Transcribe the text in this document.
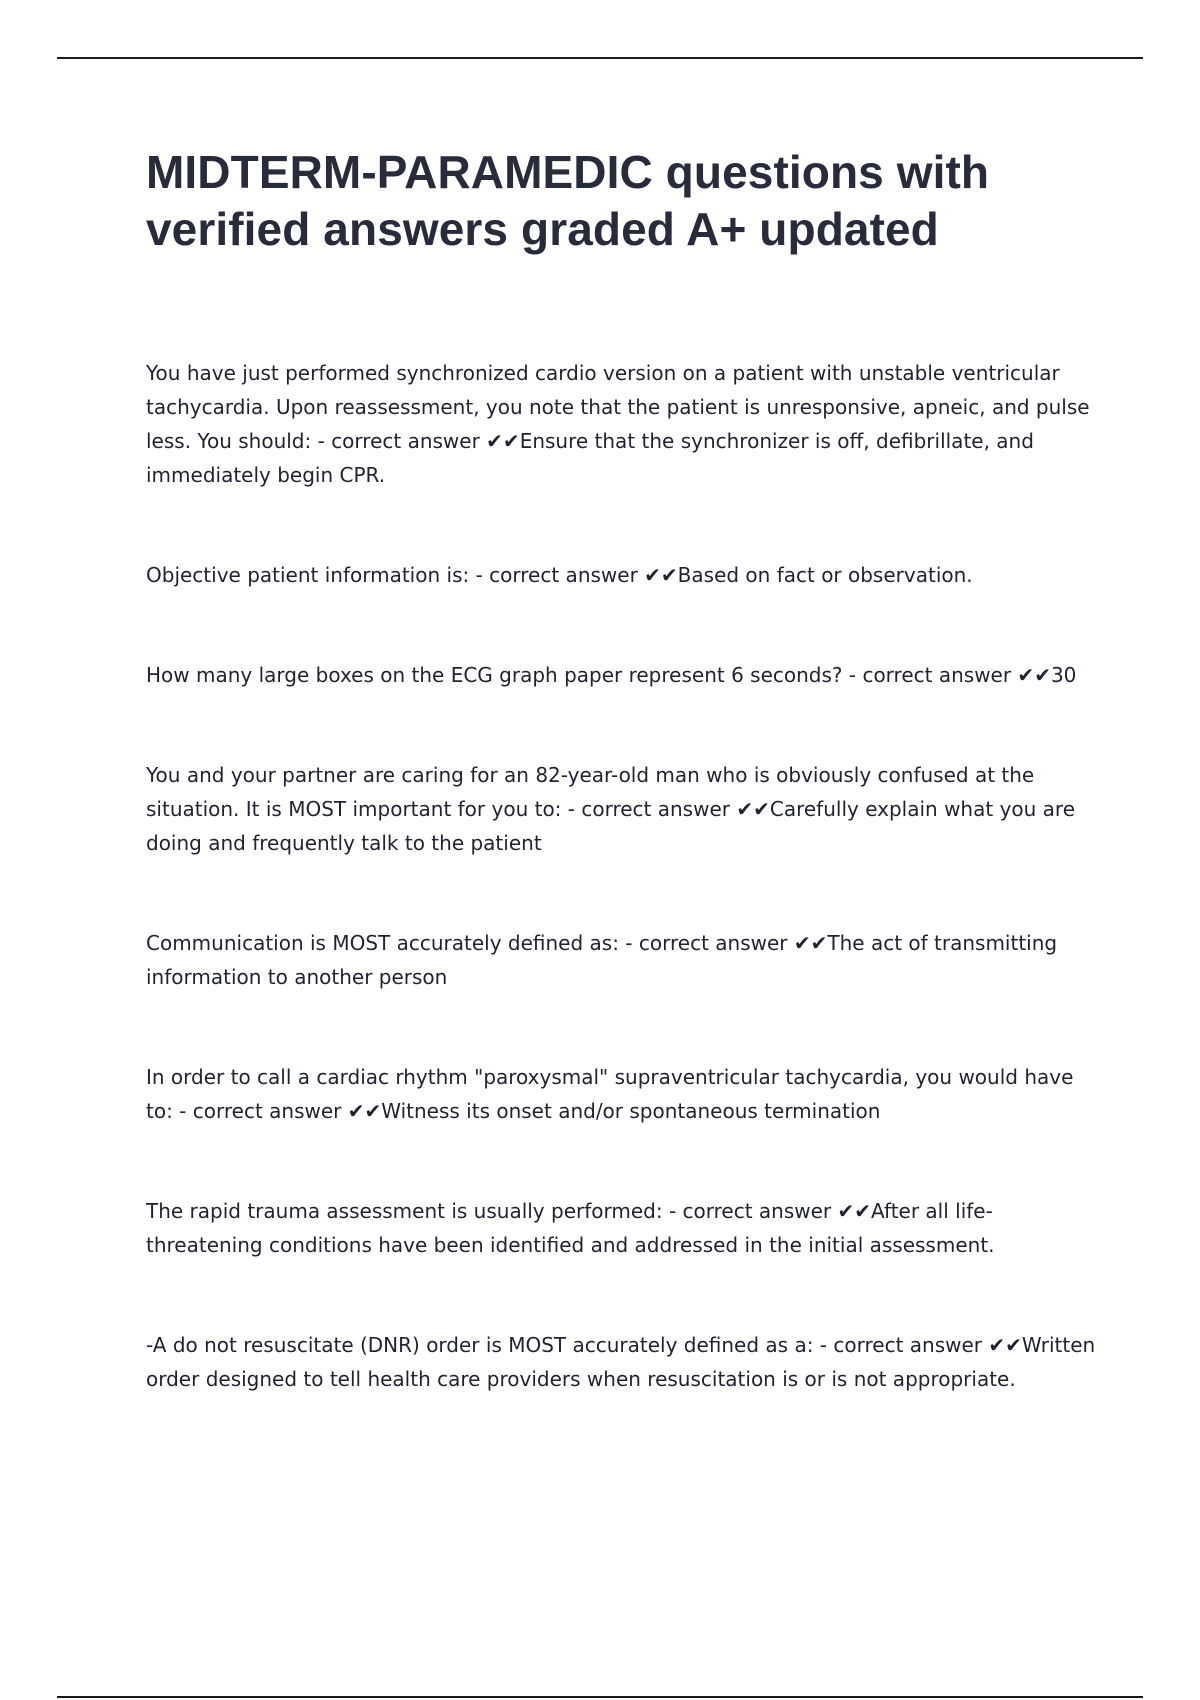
MIDTERM-PARAMEDIC questions with verified answers graded A+ updated
You have just performed synchronized cardio version on a patient with unstable ventricular tachycardia. Upon reassessment, you note that the patient is unresponsive, apneic, and pulse less. You should: - correct answer ✔✔Ensure that the synchronizer is off, defibrillate, and immediately begin CPR.
Objective patient information is: - correct answer ✔✔Based on fact or observation.
How many large boxes on the ECG graph paper represent 6 seconds? - correct answer ✔✔30
You and your partner are caring for an 82-year-old man who is obviously confused at the situation. It is MOST important for you to: - correct answer ✔✔Carefully explain what you are doing and frequently talk to the patient
Communication is MOST accurately defined as: - correct answer ✔✔The act of transmitting information to another person
In order to call a cardiac rhythm "paroxysmal" supraventricular tachycardia, you would have to: - correct answer ✔✔Witness its onset and/or spontaneous termination
The rapid trauma assessment is usually performed: - correct answer ✔✔After all life-threatening conditions have been identified and addressed in the initial assessment.
-A do not resuscitate (DNR) order is MOST accurately defined as a: - correct answer ✔✔Written order designed to tell health care providers when resuscitation is or is not appropriate.
